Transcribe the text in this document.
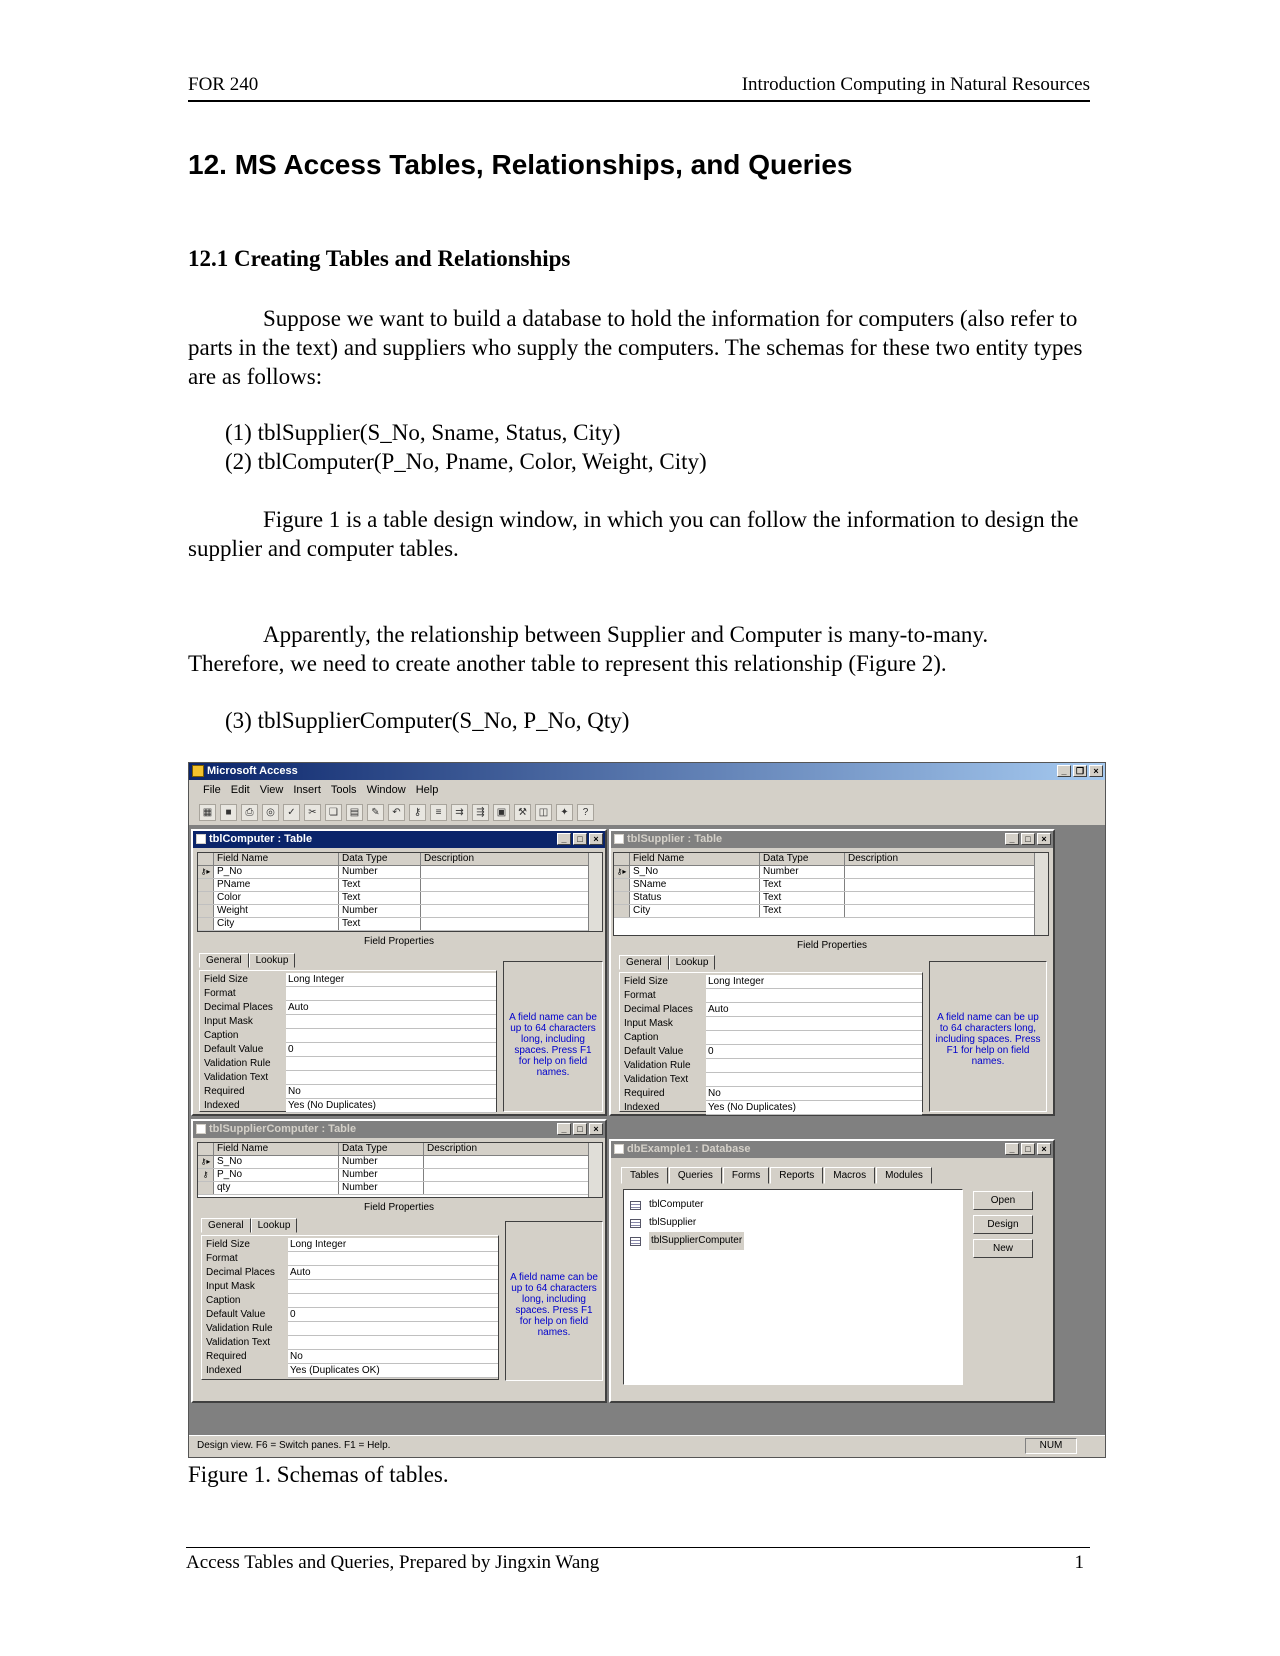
FOR 240	Introduction Computing in Natural Resources
12. MS Access Tables, Relationships, and Queries
12.1 Creating Tables and Relationships
Suppose we want to build a database to hold the information for computers (also refer to parts in the text) and suppliers who supply the computers. The schemas for these two entity types are as follows:
(1) tblSupplier(S_No, Sname, Status, City)
(2) tblComputer(P_No, Pname, Color, Weight, City)
Figure 1 is a table design window, in which you can follow the information to design the supplier and computer tables.
Apparently, the relationship between Supplier and Computer is many-to-many. Therefore, we need to create another table to represent this relationship (Figure 2).
(3) tblSupplierComputer(S_No, P_No, Qty)
Microsoft Access	_	❐	×
File Edit View Insert Tools Window Help
▦	■	⎙	◎	✓	✂	❏	▤	✎	↶	⚷	≡	⇉	⇶	▣	⚒	◫	✦	?
tblComputer : Table	_	□	×
Field Name	Data Type	Description
⚷▸ P_No	Number
PName	Text
Color	Text
Weight	Number
City	Text
Field Properties
General	Lookup
Field Size	Long Integer
Format
Decimal Places	Auto
Input Mask
Caption
Default Value	0
Validation Rule
Validation Text
Required	No
Indexed	Yes (No Duplicates)
A field name can be up to 64 characters long, including spaces. Press F1 for help on field names.
tblSupplier : Table	_	□	×
Field Name	Data Type	Description
⚷▸ S_No	Number
SName	Text
Status	Text
City	Text
Field Properties
General	Lookup
Field Size	Long Integer
Format
Decimal Places	Auto
Input Mask
Caption
Default Value	0
Validation Rule
Validation Text
Required	No
Indexed	Yes (No Duplicates)
A field name can be up to 64 characters long, including spaces. Press F1 for help on field names.
tblSupplierComputer : Table	_	□	×
Field Name	Data Type	Description
⚷▸ S_No	Number
⚷ P_No	Number
qty	Number
Field Properties
General	Lookup
Field Size	Long Integer
Format
Decimal Places	Auto
Input Mask
Caption
Default Value	0
Validation Rule
Validation Text
Required	No
Indexed	Yes (Duplicates OK)
A field name can be up to 64 characters long, including spaces. Press F1 for help on field names.
dbExample1 : Database	_	□	×
Tables	Queries	Forms	Reports	Macros	Modules
tblComputer
tblSupplier
tblSupplierComputer
Open
Design
New
Design view. F6 = Switch panes. F1 = Help.	NUM
Figure 1. Schemas of tables.
Access Tables and Queries, Prepared by Jingxin Wang	1
